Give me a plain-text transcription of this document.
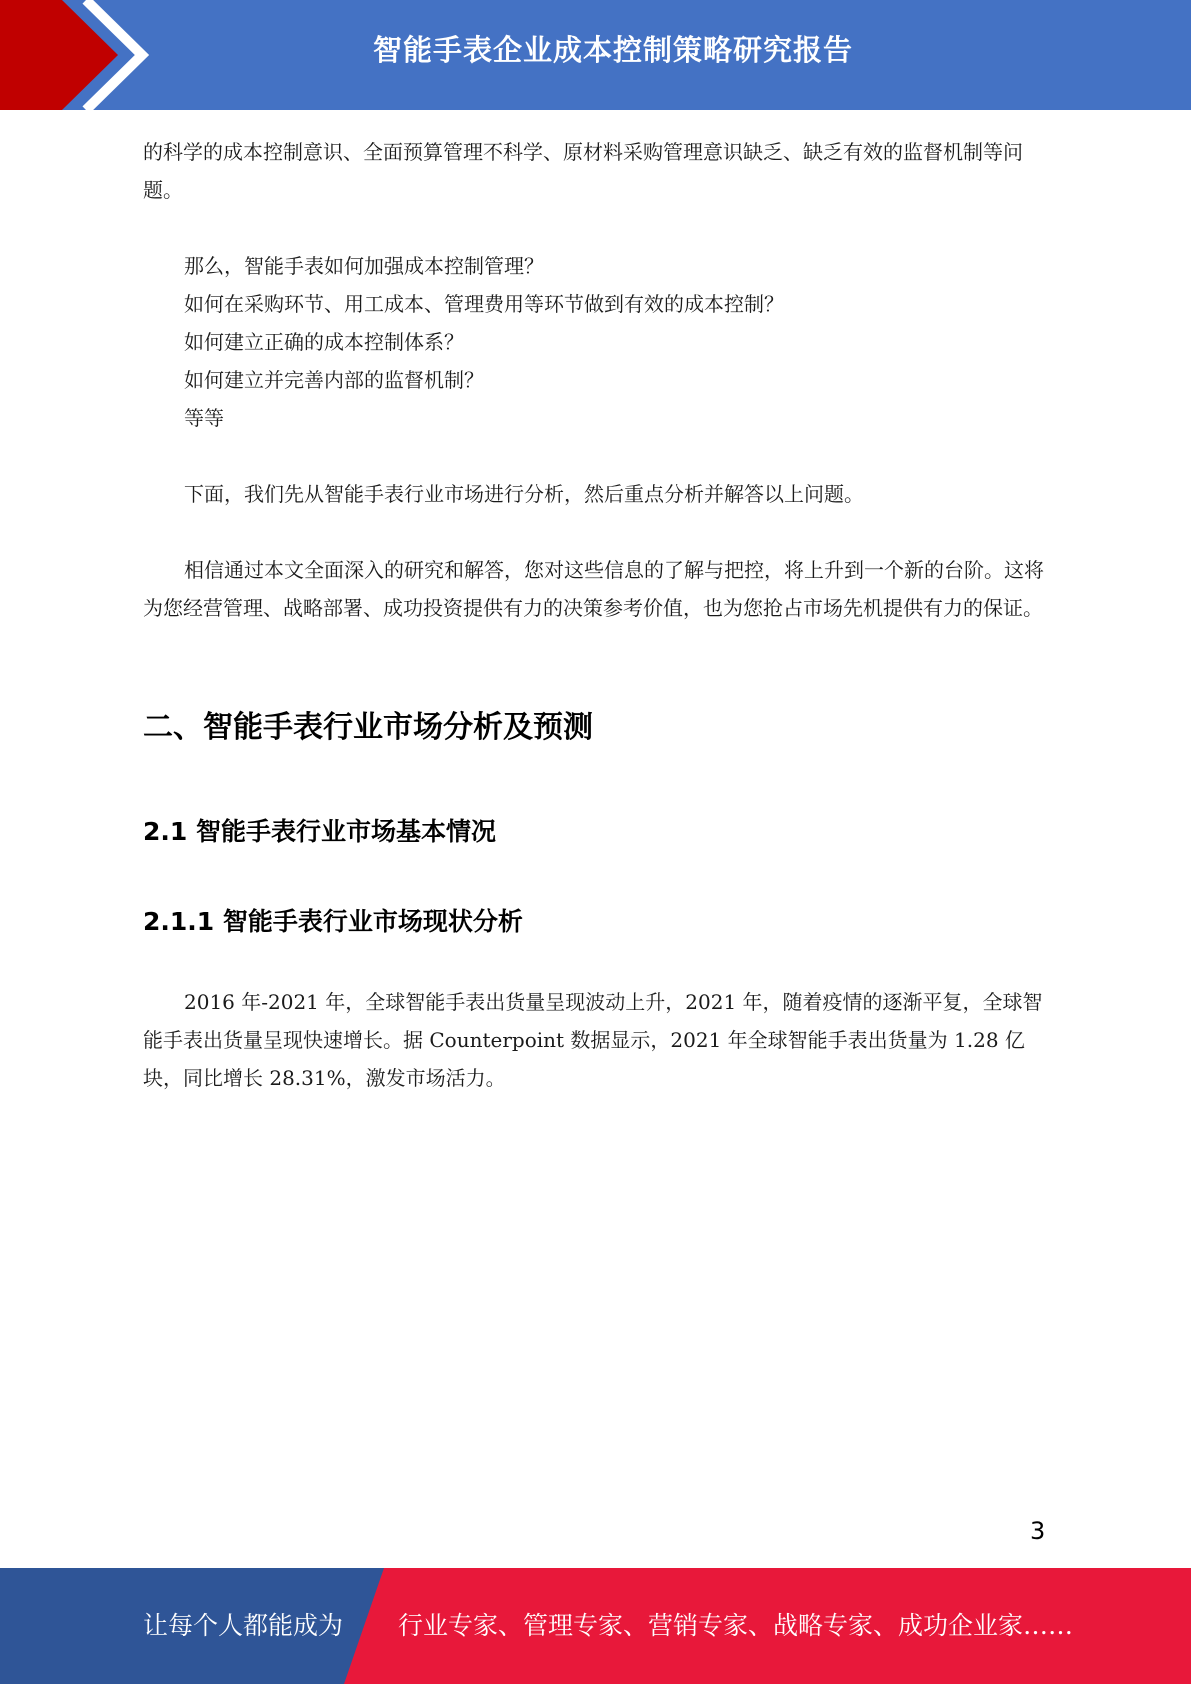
智能手表企业成本控制策略研究报告

的科学的成本控制意识、全面预算管理不科学、原材料采购管理意识缺乏、缺乏有效的监督机制等问题。

那么，智能手表如何加强成本控制管理？

如何在采购环节、用工成本、管理费用等环节做到有效的成本控制？

如何建立正确的成本控制体系？

如何建立并完善内部的监督机制？

等等

下面，我们先从智能手表行业市场进行分析，然后重点分析并解答以上问题。

相信通过本文全面深入的研究和解答，您对这些信息的了解与把控，将上升到一个新的台阶。这将为您经营管理、战略部署、成功投资提供有力的决策参考价值，也为您抢占市场先机提供有力的保证。

二、智能手表行业市场分析及预测
2.1 智能手表行业市场基本情况
2.1.1 智能手表行业市场现状分析

2016 年-2021 年，全球智能手表出货量呈现波动上升，2021 年，随着疫情的逐渐平复，全球智能手表出货量呈现快速增长。据 Counterpoint 数据显示，2021 年全球智能手表出货量为 1.28 亿块，同比增长 28.31%，激发市场活力。

3
让每个人都能成为 行业专家、管理专家、营销专家、战略专家、成功企业家……
